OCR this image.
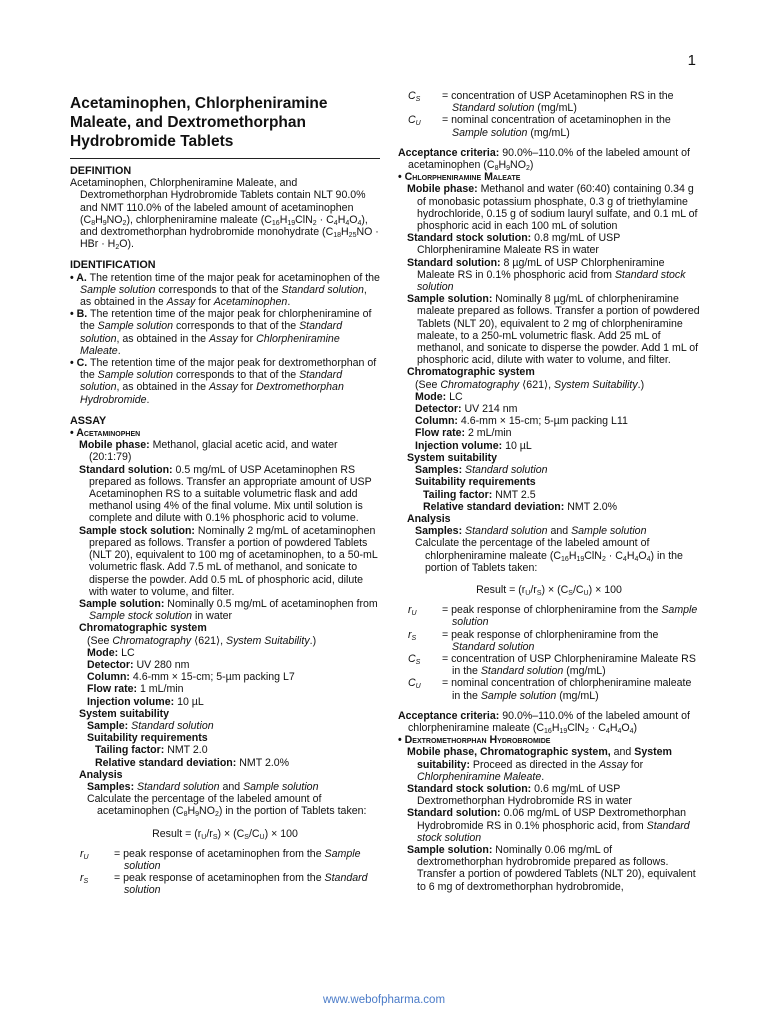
1
Acetaminophen, Chlorpheniramine Maleate, and Dextromethorphan Hydrobromide Tablets
DEFINITION

Acetaminophen, Chlorpheniramine Maleate, and Dextromethorphan Hydrobromide Tablets contain NLT 90.0% and NMT 110.0% of the labeled amount of acetaminophen $(C_8H_9NO_2)$, chlorpheniramine maleate $(C_{16}H_{19}ClN_2 \cdot C_4H_4O_4)$, and dextromethorphan hydrobromide monohydrate ($C_{18}H_{25}NO$ · HBr · $H_2O$).

IDENTIFICATION

• A. The retention time of the major peak for acetaminophen of the Sample solution corresponds to that of the Standard solution, as obtained in the Assay for Acetaminophen.

• B. The retention time of the major peak for chlorpheniramine of the Sample solution corresponds to that of the Standard solution, as obtained in the Assay for Chlorpheniramine Maleate.

• C. The retention time of the major peak for dextromethorphan of the Sample solution corresponds to that of the Standard solution, as obtained in the Assay for Dextromethorphan Hydrobromide.

ASSAY

• Acetaminophen

Mobile phase: Methanol, glacial acetic acid, and water (20:1:79)

Standard solution: 0.5 mg/mL of USP Acetaminophen RS prepared as follows. Transfer an appropriate amount of USP Acetaminophen RS to a suitable volumetric flask and add methanol using 4% of the final volume. Mix until solution is complete and dilute with 0.1% phosphoric acid to volume.

Sample stock solution: Nominally 2 mg/mL of acetaminophen prepared as follows. Transfer a portion of powdered Tablets (NLT 20), equivalent to 100 mg of acetaminophen, to a 50-mL volumetric flask. Add 7.5 mL of methanol, and sonicate to disperse the powder. Add 0.5 mL of phosphoric acid, dilute with water to volume, and filter.

Sample solution: Nominally 0.5 mg/mL of acetaminophen from Sample stock solution in water

Chromatographic system

(See Chromatography ⟨621⟩, System Suitability.)

Mode: LC

Detector: UV 280 nm

Column: 4.6-mm × 15-cm; 5-µm packing L7

Flow rate: 1 mL/min

Injection volume: 10 µL

System suitability

Sample: Standard solution

Suitability requirements

Tailing factor: NMT 2.0

Relative standard deviation: NMT 2.0%

Analysis

Samples: Standard solution and Sample solution

Calculate the percentage of the labeled amount of acetaminophen $(C_8H_9NO_2)$ in the portion of Tablets taken:

Result = $(r_U/r_S) \times (C_S/C_U) \times 100$

$r_U$	= peak response of acetaminophen from the Sample solution
$r_S$	= peak response of acetaminophen from the Standard solution
$C_S$	= concentration of USP Acetaminophen RS in the Standard solution (mg/mL)
$C_U$	= nominal concentration of acetaminophen in the Sample solution (mg/mL)

Acceptance criteria: 90.0%–110.0% of the labeled amount of acetaminophen $(C_8H_9NO_2)$

• Chlorpheniramine Maleate

Mobile phase: Methanol and water (60:40) containing 0.34 g of monobasic potassium phosphate, 0.3 g of triethylamine hydrochloride, 0.15 g of sodium lauryl sulfate, and 0.1 mL of phosphoric acid in each 100 mL of solution

Standard stock solution: 0.8 mg/mL of USP Chlorpheniramine Maleate RS in water

Standard solution: 8 µg/mL of USP Chlorpheniramine Maleate RS in 0.1% phosphoric acid from Standard stock solution

Sample solution: Nominally 8 µg/mL of chlorpheniramine maleate prepared as follows. Transfer a portion of powdered Tablets (NLT 20), equivalent to 2 mg of chlorpheniramine maleate, to a 250-mL volumetric flask. Add 25 mL of methanol, and sonicate to disperse the powder. Add 1 mL of phosphoric acid, dilute with water to volume, and filter.

Chromatographic system

(See Chromatography ⟨621⟩, System Suitability.)

Mode: LC

Detector: UV 214 nm

Column: 4.6-mm × 15-cm; 5-µm packing L11

Flow rate: 2 mL/min

Injection volume: 10 µL

System suitability

Samples: Standard solution

Suitability requirements

Tailing factor: NMT 2.5

Relative standard deviation: NMT 2.0%

Analysis

Samples: Standard solution and Sample solution

Calculate the percentage of the labeled amount of chlorpheniramine maleate $(C_{16}H_{19}ClN_2 \cdot C_4H_4O_4)$ in the portion of Tablets taken:

Result = $(r_U/r_S) \times (C_S/C_U) \times 100$

$r_U$	= peak response of chlorpheniramine from the Sample solution
$r_S$	= peak response of chlorpheniramine from the Standard solution
$C_S$	= concentration of USP Chlorpheniramine Maleate RS in the Standard solution (mg/mL)
$C_U$	= nominal concentration of chlorpheniramine maleate in the Sample solution (mg/mL)

Acceptance criteria: 90.0%–110.0% of the labeled amount of chlorpheniramine maleate $(C_{16}H_{19}ClN_2 \cdot C_4H_4O_4)$

• Dextromethorphan Hydrobromide

Mobile phase, Chromatographic system, and System suitability: Proceed as directed in the Assay for Chlorpheniramine Maleate.

Standard stock solution: 0.6 mg/mL of USP Dextromethorphan Hydrobromide RS in water

Standard solution: 0.06 mg/mL of USP Dextromethorphan Hydrobromide RS in 0.1% phosphoric acid, from Standard stock solution

Sample solution: Nominally 0.06 mg/mL of dextromethorphan hydrobromide prepared as follows. Transfer a portion of powdered Tablets (NLT 20), equivalent to 6 mg of dextromethorphan hydrobromide,

www.webofpharma.com
